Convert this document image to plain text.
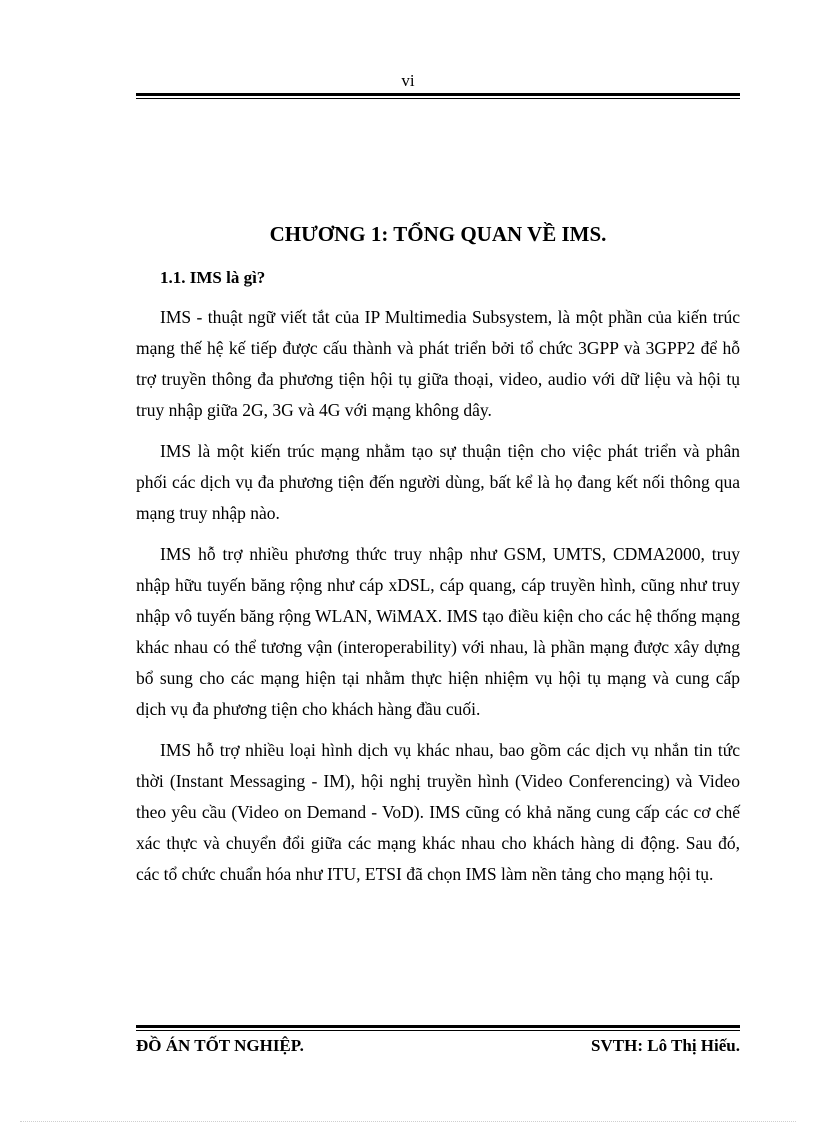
vi
CHƯƠNG 1: TỔNG QUAN VỀ IMS.
1.1. IMS là gì?

IMS - thuật ngữ viết tắt của IP Multimedia Subsystem, là một phần của kiến trúc mạng thế hệ kế tiếp được cấu thành và phát triển bởi tổ chức 3GPP và 3GPP2 để hỗ trợ truyền thông đa phương tiện hội tụ giữa thoại, video, audio với dữ liệu và hội tụ truy nhập giữa 2G, 3G và 4G với mạng không dây.

IMS là một kiến trúc mạng nhằm tạo sự thuận tiện cho việc phát triển và phân phối các dịch vụ đa phương tiện đến người dùng, bất kể là họ đang kết nối thông qua mạng truy nhập nào.

IMS hỗ trợ nhiều phương thức truy nhập như GSM, UMTS, CDMA2000, truy nhập hữu tuyến băng rộng như cáp xDSL, cáp quang, cáp truyền hình, cũng như truy nhập vô tuyến băng rộng WLAN, WiMAX. IMS tạo điều kiện cho các hệ thống mạng khác nhau có thể tương vận (interoperability) với nhau, là phần mạng được xây dựng bổ sung cho các mạng hiện tại nhằm thực hiện nhiệm vụ hội tụ mạng và cung cấp dịch vụ đa phương tiện cho khách hàng đầu cuối.

IMS hỗ trợ nhiều loại hình dịch vụ khác nhau, bao gồm các dịch vụ nhắn tin tức thời (Instant Messaging - IM), hội nghị truyền hình (Video Conferencing) và Video theo yêu cầu (Video on Demand - VoD). IMS cũng có khả năng cung cấp các cơ chế xác thực và chuyển đổi giữa các mạng khác nhau cho khách hàng di động. Sau đó, các tổ chức chuẩn hóa như ITU, ETSI đã chọn IMS làm nền tảng cho mạng hội tụ.

ĐỒ ÁN TỐT NGHIỆP.	SVTH: Lô Thị Hiếu.
